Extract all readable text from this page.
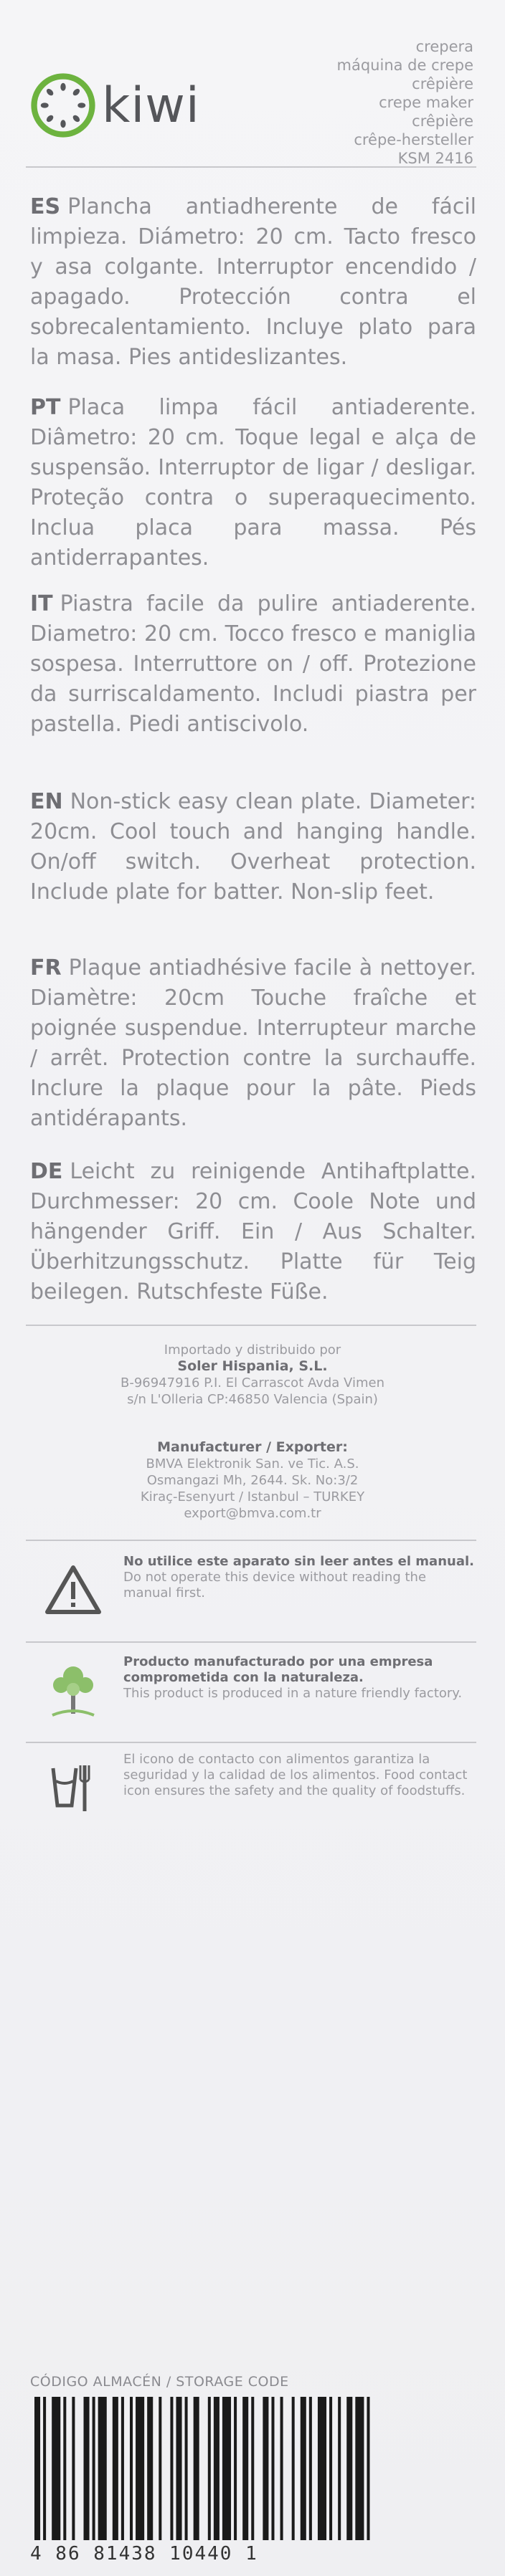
kiwi
crepera
máquina de crepe
crêpière
crepe maker
crêpière
crêpe-hersteller
KSM 2416
ES Plancha antiadherente de fácil limpieza. Diámetro: 20 cm. Tacto fresco y asa colgante. Interruptor encendido / apagado. Protección contra el sobrecalentamiento. Incluye plato para la masa. Pies antideslizantes.
PT Placa limpa fácil antiaderente. Diâmetro: 20 cm. Toque legal e alça de suspensão. Interruptor de ligar / desligar. Proteção contra o superaquecimento. Inclua placa para massa. Pés antiderrapantes.
IT Piastra facile da pulire antiaderente. Diametro: 20 cm. Tocco fresco e maniglia sospesa. Interruttore on / off. Protezione da surriscaldamento. Includi piastra per pastella. Piedi antiscivolo.
EN Non-stick easy clean plate. Diameter: 20cm. Cool touch and hanging handle. On/off switch. Overheat protection. Include plate for batter. Non-slip feet.
FR Plaque antiadhésive facile à nettoyer. Diamètre: 20cm Touche fraîche et poignée suspendue. Interrupteur marche / arrêt. Protection contre la surchauffe. Inclure la plaque pour la pâte. Pieds antidérapants.
DE Leicht zu reinigende Antihaftplatte. Durchmesser: 20 cm. Coole Note und hängender Griff. Ein / Aus Schalter. Überhitzungsschutz. Platte für Teig beilegen. Rutschfeste Füße.
Importado y distribuido por
Soler Hispania, S.L.
B-96947916 P.I. El Carrascot Avda Vimen
s/n L'Olleria CP:46850 Valencia (Spain)
Manufacturer / Exporter:
BMVA Elektronik San. ve Tic. A.S.
Osmangazi Mh, 2644. Sk. No:3/2
Kiraç-Esenyurt / Istanbul – TURKEY
export@bmva.com.tr
No utilice este aparato sin leer antes el manual.
Do not operate this device without reading the manual first.
Producto manufacturado por una empresa comprometida con la naturaleza.
This product is produced in a nature friendly factory.
El icono de contacto con alimentos garantiza la seguridad y la calidad de los alimentos. Food contact icon ensures the safety and the quality of foodstuffs.
CÓDIGO ALMACÉN / STORAGE CODE
4 86 81438 10440 1
